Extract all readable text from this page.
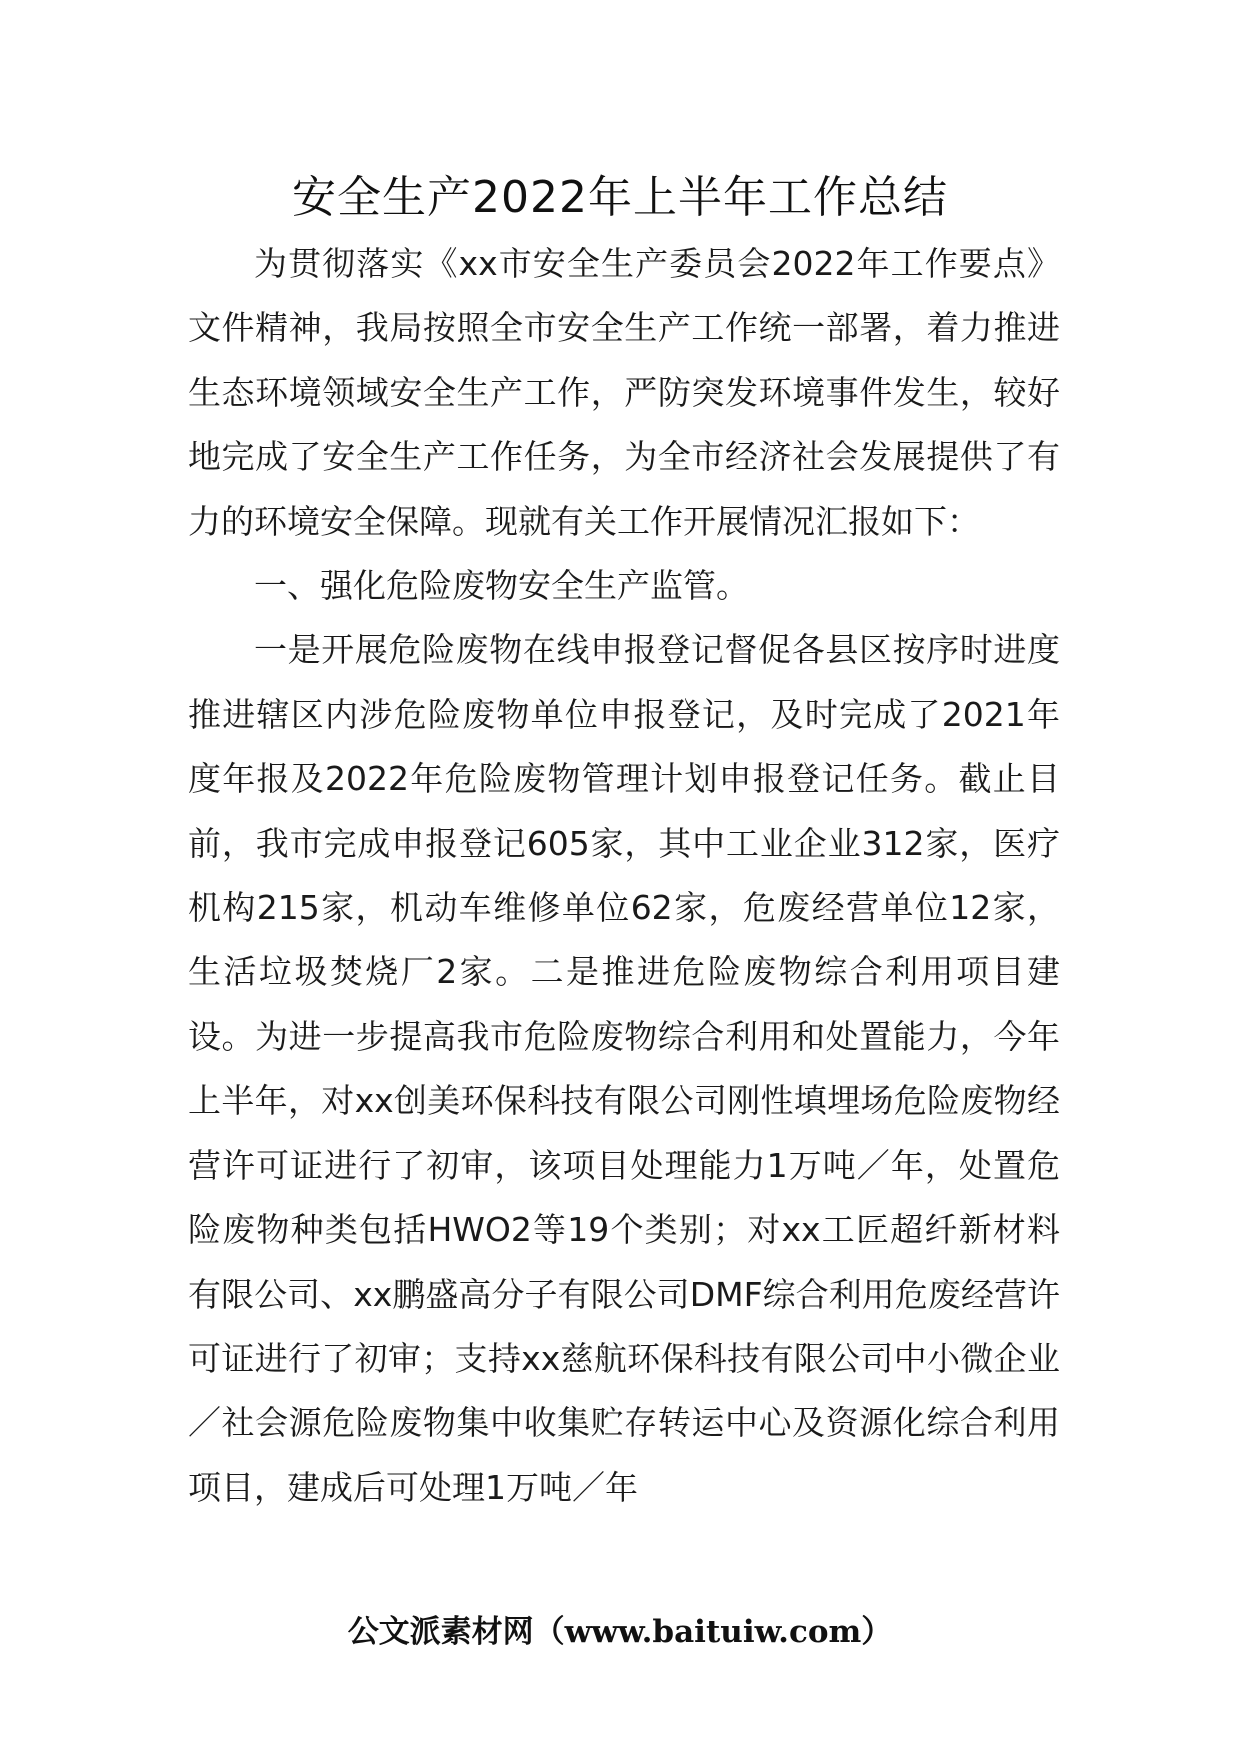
安全生产2022年上半年工作总结

为贯彻落实《xx市安全生产委员会2022年工作要点》文件精神，我局按照全市安全生产工作统一部署，着力推进生态环境领域安全生产工作，严防突发环境事件发生，较好地完成了安全生产工作任务，为全市经济社会发展提供了有力的环境安全保障。现就有关工作开展情况汇报如下：

一、强化危险废物安全生产监管。

一是开展危险废物在线申报登记督促各县区按序时进度推进辖区内涉危险废物单位申报登记，及时完成了2021年度年报及2022年危险废物管理计划申报登记任务。截止目前，我市完成申报登记605家，其中工业企业312家，医疗机构215家，机动车维修单位62家，危废经营单位12家，生活垃圾焚烧厂2家。二是推进危险废物综合利用项目建设。为进一步提高我市危险废物综合利用和处置能力，今年上半年，对xx创美环保科技有限公司刚性填埋场危险废物经营许可证进行了初审，该项目处理能力1万吨／年，处置危险废物种类包括HWO2等19个类别；对xx工匠超纤新材料有限公司、xx鹏盛高分子有限公司DMF综合利用危废经营许可证进行了初审；支持xx慈航环保科技有限公司中小微企业／社会源危险废物集中收集贮存转运中心及资源化综合利用项目，建成后可处理1万吨／年

公文派素材网（www.baituiw.com）
